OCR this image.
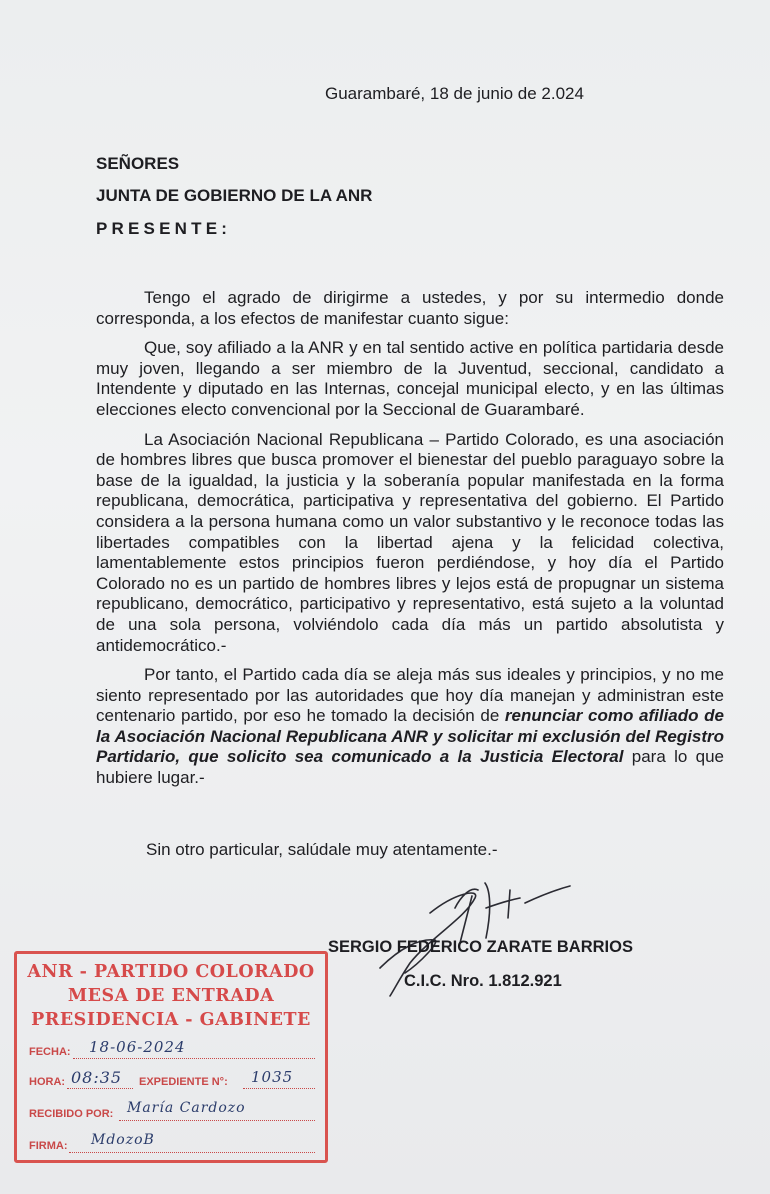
Guarambaré, 18 de junio de 2.024
SEÑORES
JUNTA DE GOBIERNO DE LA ANR
PRESENTE:

Tengo el agrado de dirigirme a ustedes, y por su intermedio donde corresponda, a los efectos de manifestar cuanto sigue:

Que, soy afiliado a la ANR y en tal sentido active en política partidaria desde muy joven, llegando a ser miembro de la Juventud, seccional, candidato a Intendente y diputado en las Internas, concejal municipal electo, y en las últimas elecciones electo convencional por la Seccional de Guarambaré.

La Asociación Nacional Republicana – Partido Colorado, es una asociación de hombres libres que busca promover el bienestar del pueblo paraguayo sobre la base de la igualdad, la justicia y la soberanía popular manifestada en la forma republicana, democrática, participativa y representativa del gobierno. El Partido considera a la persona humana como un valor substantivo y le reconoce todas las libertades compatibles con la libertad ajena y la felicidad colectiva, lamentablemente estos principios fueron perdiéndose, y hoy día el Partido Colorado no es un partido de hombres libres y lejos está de propugnar un sistema republicano, democrático, participativo y representativo, está sujeto a la voluntad de una sola persona, volviéndolo cada día más un partido absolutista y antidemocrático.-

Por tanto, el Partido cada día se aleja más sus ideales y principios, y no me siento representado por las autoridades que hoy día manejan y administran este centenario partido, por eso he tomado la decisión de renunciar como afiliado de la Asociación Nacional Republicana ANR y solicitar mi exclusión del Registro Partidario, que solicito sea comunicado a la Justicia Electoral para lo que hubiere lugar.-

Sin otro particular, salúdale muy atentamente.-
SERGIO FEDERICO ZARATE BARRIOS
C.I.C. Nro. 1.812.921
ANR - PARTIDO COLORADO
MESA DE ENTRADA
PRESIDENCIA - GABINETE
FECHA: 18-06-2024
HORA: 08:35 EXPEDIENTE N°: 1035
RECIBIDO POR: María Cardozo
FIRMA: MdozoB
